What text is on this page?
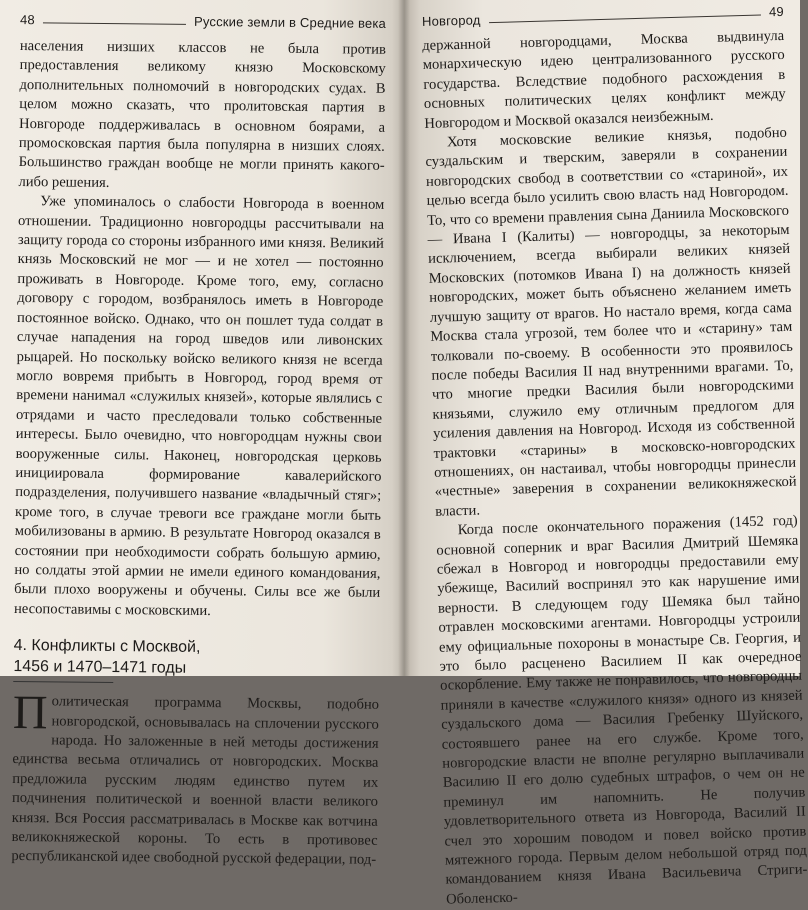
48	Русские земли в Средние века

населения низших классов не была против предоставления великому князю Московскому дополнительных полномочий в новгородских судах. В целом можно сказать, что пролитовская партия в Новгороде поддерживалась в основном боярами, а промосковская партия была популярна в низших слоях. Большинство граждан вообще не могли принять какого-либо решения.

Уже упоминалось о слабости Новгорода в военном отношении. Традиционно новгородцы рассчитывали на защиту города со стороны избранного ими князя. Великий князь Московский не мог — и не хотел — постоянно проживать в Новгороде. Кроме того, ему, согласно договору с городом, возбранялось иметь в Новгороде постоянное войско. Однако, что он пошлет туда солдат в случае нападения на город шведов или ливонских рыцарей. Но поскольку войско великого князя не всегда могло вовремя прибыть в Новгород, город время от времени нанимал «служилых князей», которые являлись с отрядами и часто преследовали только собственные интересы. Было очевидно, что новгородцам нужны свои вооруженные силы. Наконец, новгородская церковь инициировала формирование кавалерийского подразделения, получившего название «владычный стяг»; кроме того, в случае тревоги все граждане могли быть мобилизованы в армию. В результате Новгород оказался в состоянии при необходимости собрать большую армию, но солдаты этой армии не имели единого командования, были плохо вооружены и обучены. Силы все же были несопоставимы с московскими.

4. Конфликты с Москвой,
1456 и 1470–1471 годы

Политическая программа Москвы, подобно новгородской, основывалась на сплочении русского народа. Но заложенные в ней методы достижения единства весьма отличались от новгородских. Москва предложила русским людям единство путем их подчинения политической и военной власти великого князя. Вся Россия рассматривалась в Москве как вотчина великокняжеской короны. То есть в противовес республиканской идее свободной русской федерации, под-

Новгород
49

держанной новгородцами, Москва выдвинула монархическую идею централизованного русского государства. Вследствие подобного расхождения в основных политических целях конфликт между Новгородом и Москвой оказался неизбежным.

Хотя московские великие князья, подобно суздальским и тверским, заверяли в сохранении новгородских свобод в соответствии со «стариной», их целью всегда было усилить свою власть над Новгородом. То, что со времени правления сына Даниила Московского — Ивана I (Калиты) — новгородцы, за некоторым исключением, всегда выбирали великих князей Московских (потомков Ивана I) на должность князей новгородских, может быть объяснено желанием иметь лучшую защиту от врагов. Но настало время, когда сама Москва стала угрозой, тем более что и «старину» там толковали по-своему. В особенности это проявилось после победы Василия II над внутренними врагами. То, что многие предки Василия были новгородскими князьями, служило ему отличным предлогом для усиления давления на Новгород. Исходя из собственной трактовки «старины» в московско-новгородских отношениях, он настаивал, чтобы новгородцы принесли «честные» заверения в сохранении великокняжеской власти.

Когда после окончательного поражения (1452 год) основной соперник и враг Василия Дмитрий Шемяка сбежал в Новгород и новгородцы предоставили ему убежище, Василий воспринял это как нарушение ими верности. В следующем году Шемяка был тайно отравлен московскими агентами. Новгородцы устроили ему официальные похороны в монастыре Св. Георгия, и это было расценено Василием II как очередное оскорбление. Ему также не понравилось, что новгородцы приняли в качестве «служилого князя» одного из князей суздальского дома — Василия Гребенку Шуйского, состоявшего ранее на его службе. Кроме того, новгородские власти не вполне регулярно выплачивали Василию II его долю судебных штрафов, о чем он не преминул им напомнить. Не получив удовлетворительного ответа из Новгорода, Василий II счел это хорошим поводом и повел войско против мятежного города. Первым делом небольшой отряд под командованием князя Ивана Васильевича Стриги-Оболенско-
